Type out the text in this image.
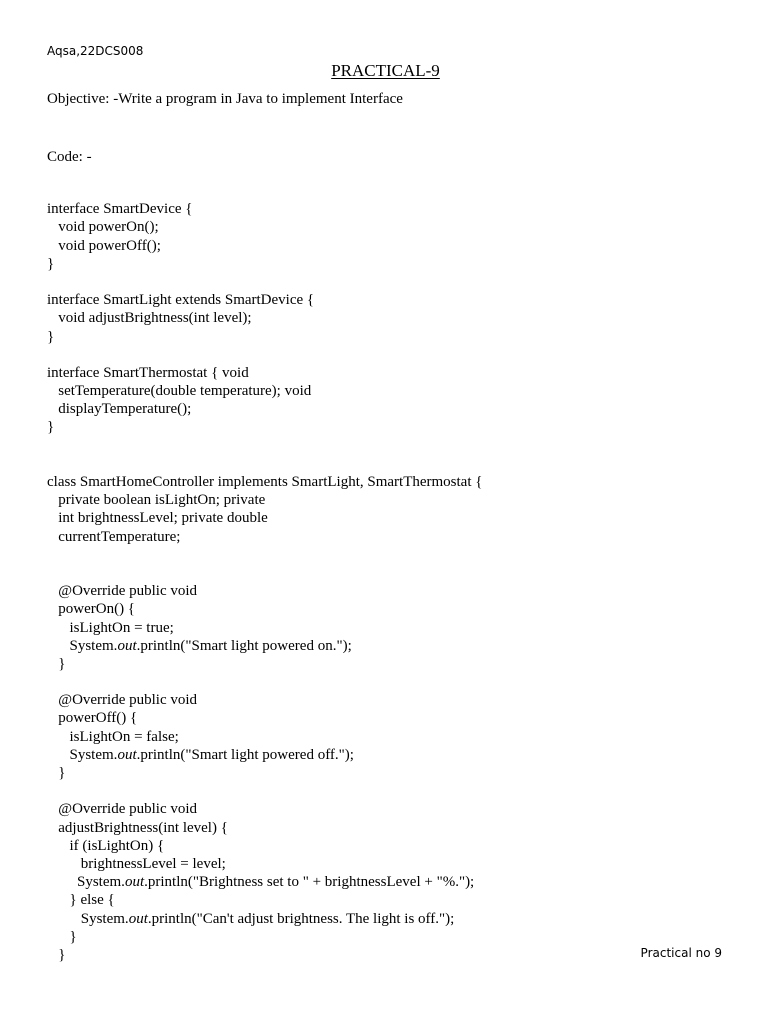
Aqsa,22DCS008
PRACTICAL-9
Objective: -Write a program in Java to implement Interface

Code: -

interface SmartDevice {
void powerOn();
void powerOff();
}

interface SmartLight extends SmartDevice {
void adjustBrightness(int level);
}

interface SmartThermostat { void
setTemperature(double temperature); void
displayTemperature();
}

class SmartHomeController implements SmartLight, SmartThermostat {
private boolean isLightOn; private
int brightnessLevel; private double
currentTemperature;

@Override public void
powerOn() {
isLightOn = true;
System.out.println("Smart light powered on.");
}

@Override public void
powerOff() {
isLightOn = false;
System.out.println("Smart light powered off.");
}

@Override public void
adjustBrightness(int level) {
if (isLightOn) {
brightnessLevel = level;
System.out.println("Brightness set to " + brightnessLevel + "%.");
} else {
System.out.println("Can't adjust brightness. The light is off.");
}
}

	Practical no 9
